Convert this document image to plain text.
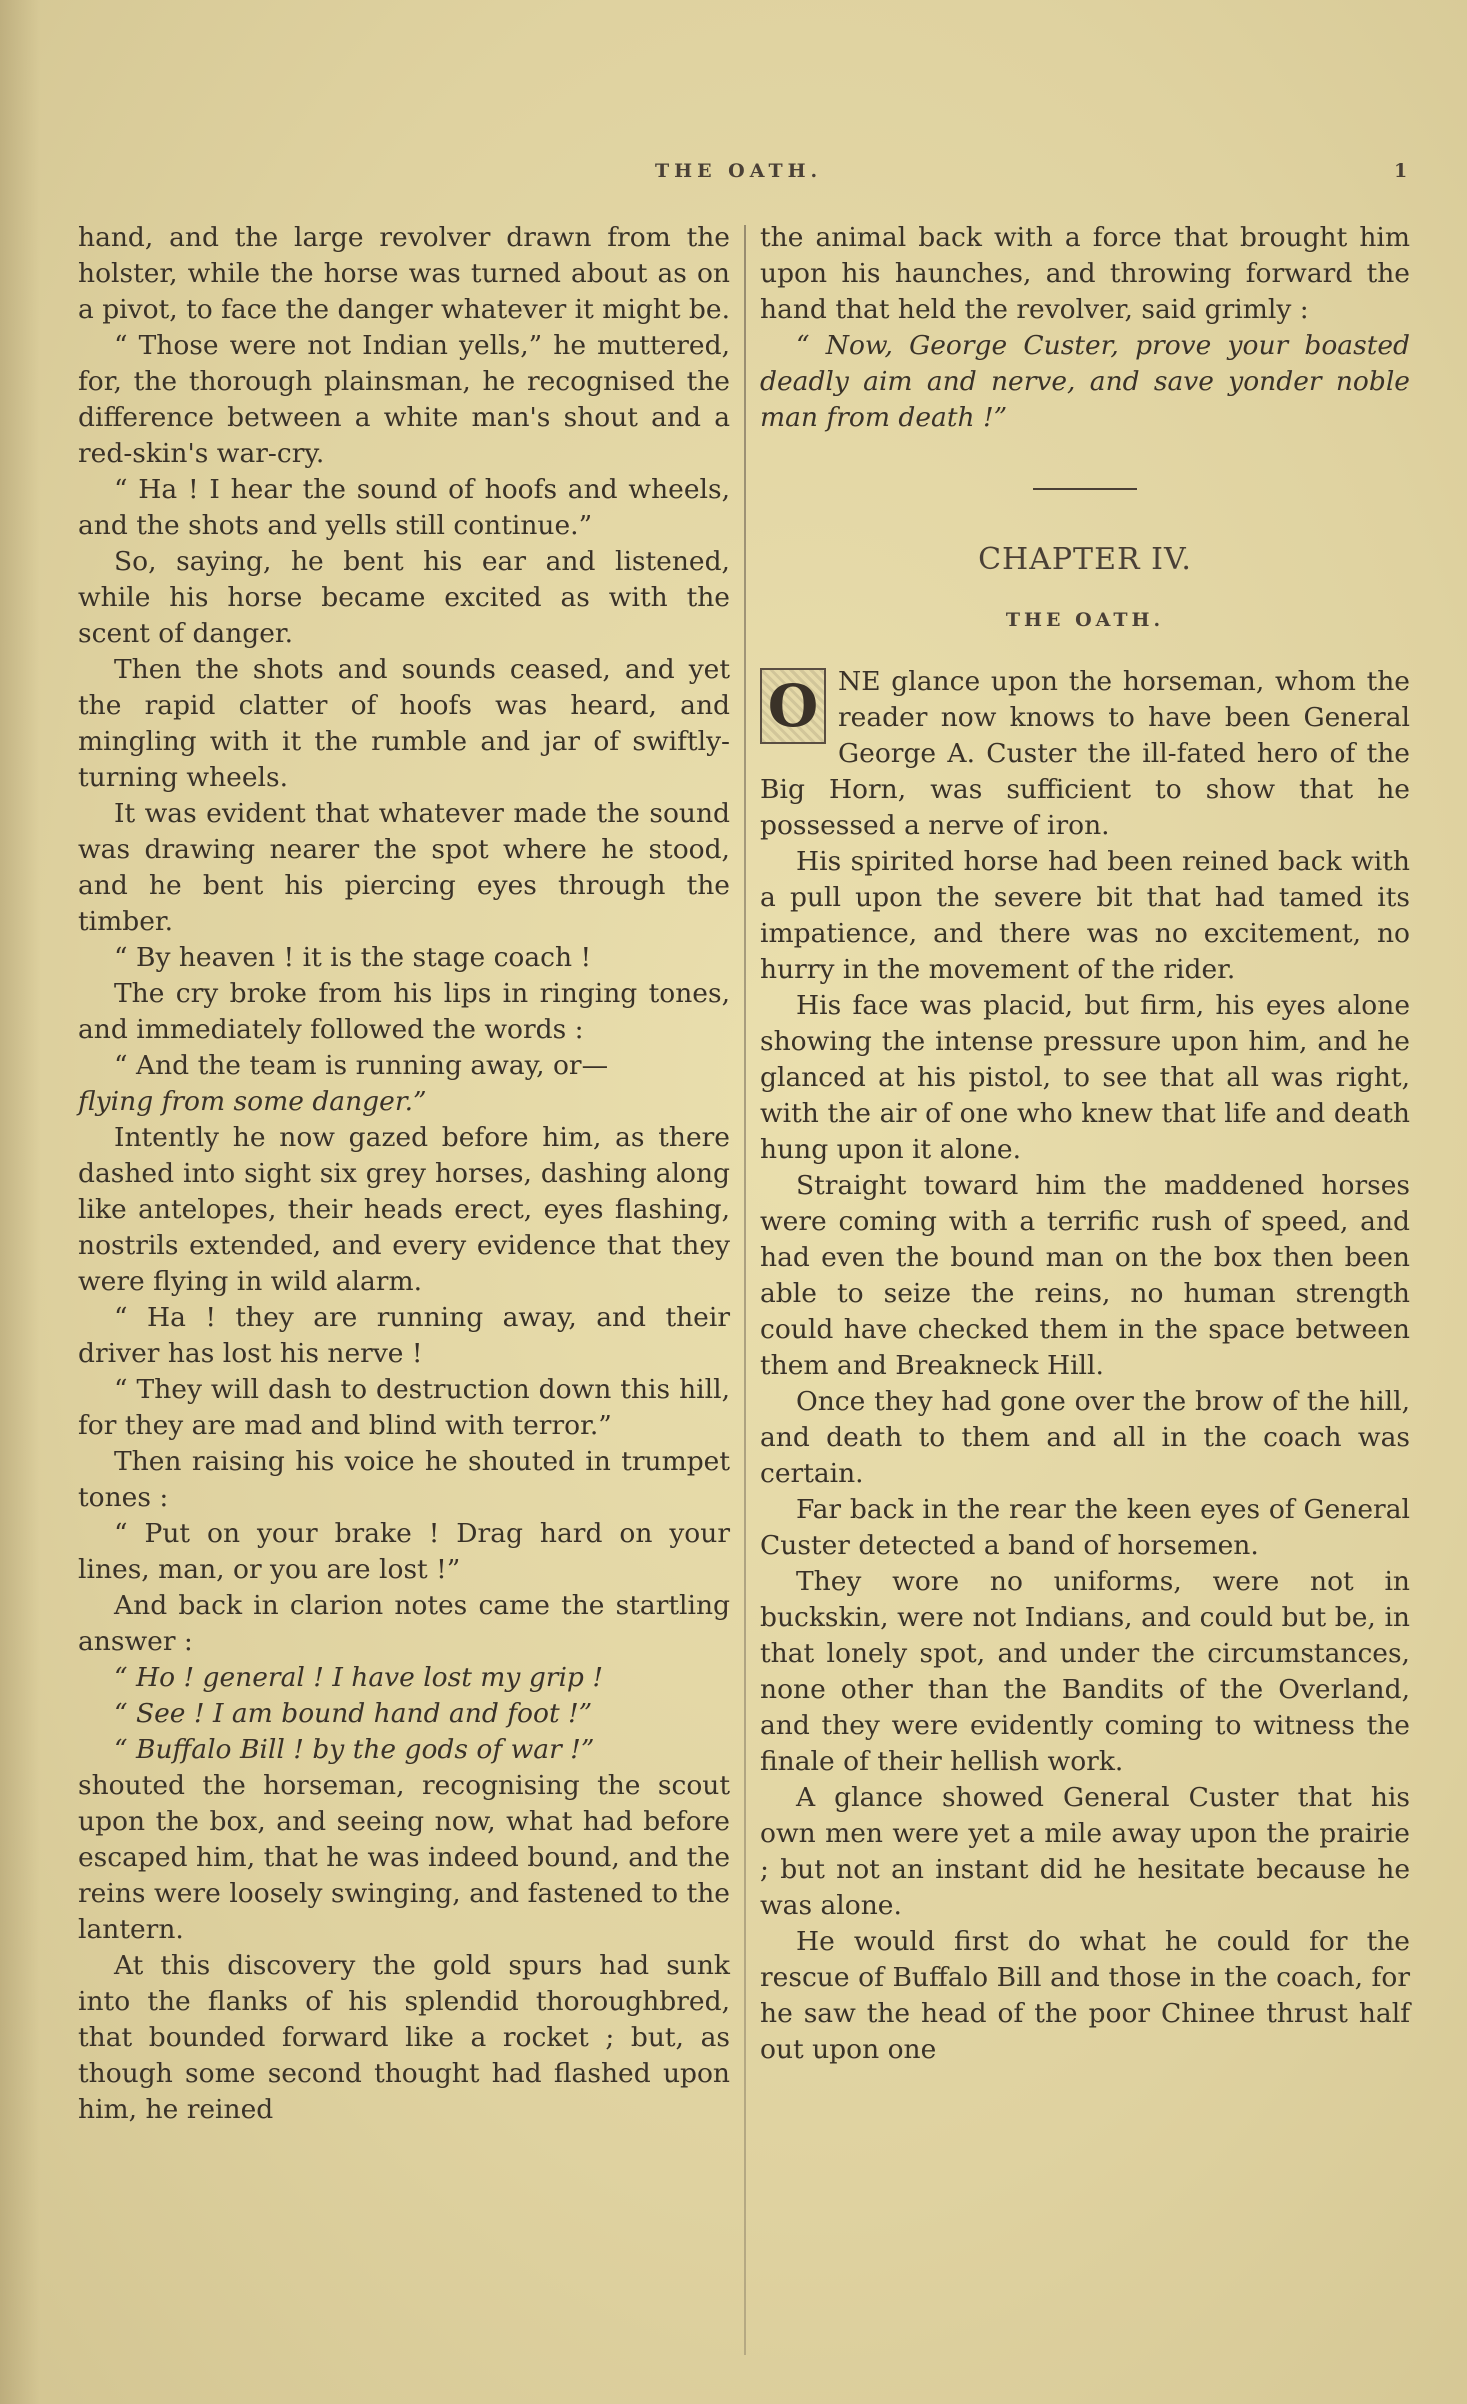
THE OATH.	1

hand, and the large revolver drawn from the holster, while the horse was turned about as on a pivot, to face the danger whatever it might be.

“ Those were not Indian yells,” he muttered, for, the thorough plainsman, he recognised the difference between a white man's shout and a red-skin's war-cry.

“ Ha ! I hear the sound of hoofs and wheels, and the shots and yells still continue.”

So, saying, he bent his ear and listened, while his horse became excited as with the scent of danger.

Then the shots and sounds ceased, and yet the rapid clatter of hoofs was heard, and mingling with it the rumble and jar of swiftly-turning wheels.

It was evident that whatever made the sound was drawing nearer the spot where he stood, and he bent his piercing eyes through the timber.

“ By heaven ! it is the stage coach !

The cry broke from his lips in ringing tones, and immediately followed the words :

“ And the team is running away, or—

flying from some danger.”

Intently he now gazed before him, as there dashed into sight six grey horses, dashing along like antelopes, their heads erect, eyes flashing, nostrils extended, and every evidence that they were flying in wild alarm.

“ Ha ! they are running away, and their driver has lost his nerve !

“ They will dash to destruction down this hill, for they are mad and blind with terror.”

Then raising his voice he shouted in trumpet tones :

“ Put on your brake ! Drag hard on your lines, man, or you are lost !”

And back in clarion notes came the startling answer :

“ Ho ! general ! I have lost my grip !

“ See ! I am bound hand and foot !”

“ Buffalo Bill ! by the gods of war !”

shouted the horseman, recognising the scout upon the box, and seeing now, what had before escaped him, that he was indeed bound, and the reins were loosely swinging, and fastened to the lantern.

At this discovery the gold spurs had sunk into the flanks of his splendid thoroughbred, that bounded forward like a rocket ; but, as though some second thought had flashed upon him, he reined

the animal back with a force that brought him upon his haunches, and throwing forward the hand that held the revolver, said grimly :

“ Now, George Custer, prove your boasted deadly aim and nerve, and save yonder noble man from death !”

CHAPTER IV.
THE OATH.
O NE glance upon the horseman, whom the reader now knows to have been General George A. Custer the ill-fated hero of the Big Horn, was sufficient to show that he possessed a nerve of iron.

His spirited horse had been reined back with a pull upon the severe bit that had tamed its impatience, and there was no excitement, no hurry in the movement of the rider.

His face was placid, but firm, his eyes alone showing the intense pressure upon him, and he glanced at his pistol, to see that all was right, with the air of one who knew that life and death hung upon it alone.

Straight toward him the maddened horses were coming with a terrific rush of speed, and had even the bound man on the box then been able to seize the reins, no human strength could have checked them in the space between them and Breakneck Hill.

Once they had gone over the brow of the hill, and death to them and all in the coach was certain.

Far back in the rear the keen eyes of General Custer detected a band of horsemen.

They wore no uniforms, were not in buckskin, were not Indians, and could but be, in that lonely spot, and under the circumstances, none other than the Bandits of the Overland, and they were evidently coming to witness the finale of their hellish work.

A glance showed General Custer that his own men were yet a mile away upon the prairie ; but not an instant did he hesitate because he was alone.

He would first do what he could for the rescue of Buffalo Bill and those in the coach, for he saw the head of the poor Chinee thrust half out upon one
